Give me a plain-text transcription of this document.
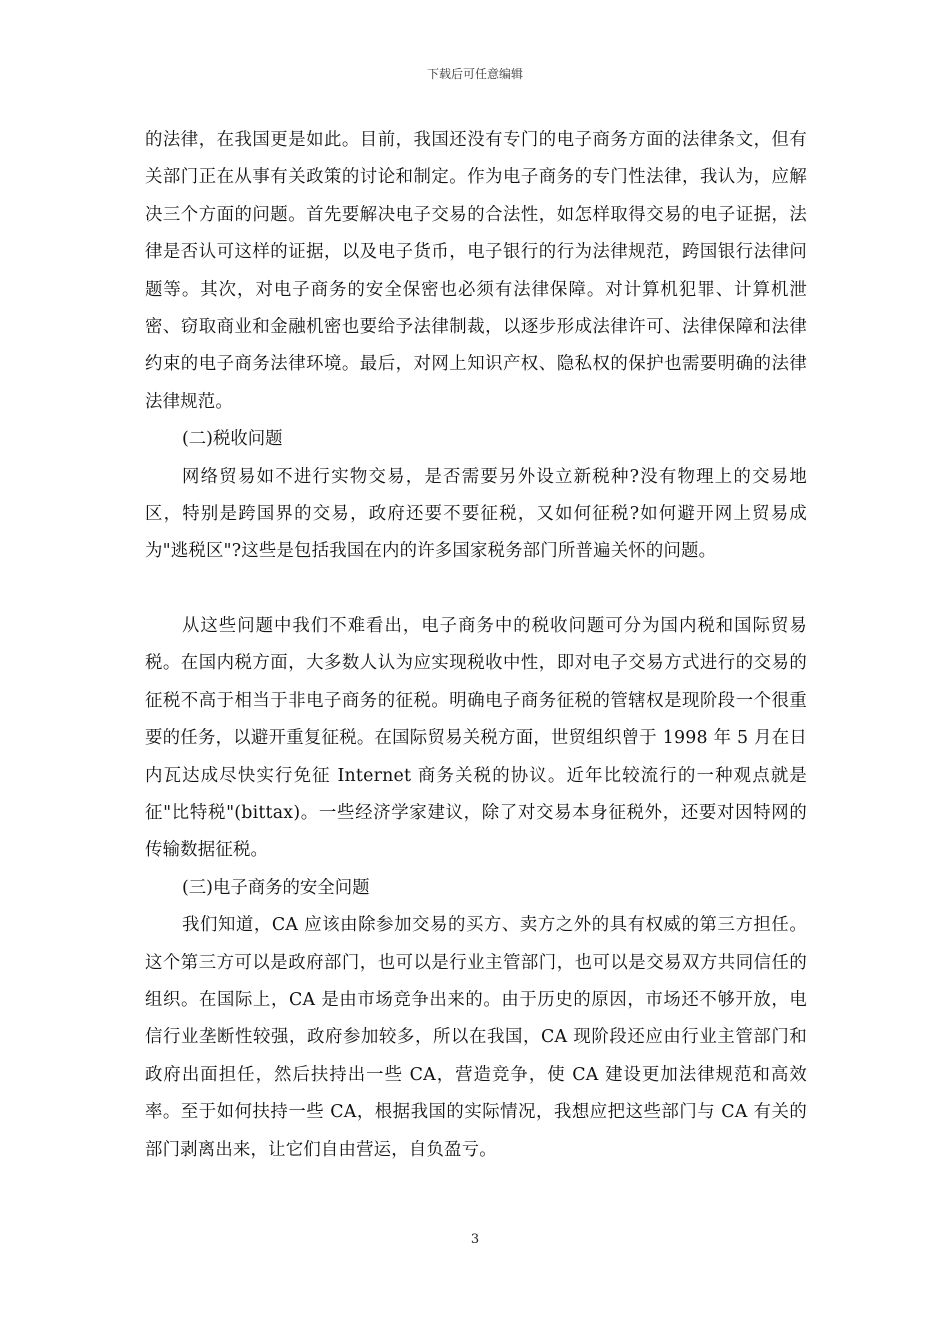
下载后可任意编辑

的法律，在我国更是如此。目前，我国还没有专门的电子商务方面的法律条文，但有关部门正在从事有关政策的讨论和制定。作为电子商务的专门性法律，我认为，应解决三个方面的问题。首先要解决电子交易的合法性，如怎样取得交易的电子证据，法律是否认可这样的证据，以及电子货币，电子银行的行为法律规范，跨国银行法律问题等。其次，对电子商务的安全保密也必须有法律保障。对计算机犯罪、计算机泄密、窃取商业和金融机密也要给予法律制裁，以逐步形成法律许可、法律保障和法律约束的电子商务法律环境。最后，对网上知识产权、隐私权的保护也需要明确的法律法律规范。

(二)税收问题

网络贸易如不进行实物交易，是否需要另外设立新税种?没有物理上的交易地区，特别是跨国界的交易，政府还要不要征税，又如何征税?如何避开网上贸易成为"逃税区"?这些是包括我国在内的许多国家税务部门所普遍关怀的问题。

从这些问题中我们不难看出，电子商务中的税收问题可分为国内税和国际贸易税。在国内税方面，大多数人认为应实现税收中性，即对电子交易方式进行的交易的征税不高于相当于非电子商务的征税。明确电子商务征税的管辖权是现阶段一个很重要的任务，以避开重复征税。在国际贸易关税方面，世贸组织曾于 1998 年 5 月在日内瓦达成尽快实行免征 Internet 商务关税的协议。近年比较流行的一种观点就是征"比特税"(bittax)。一些经济学家建议，除了对交易本身征税外，还要对因特网的传输数据征税。

(三)电子商务的安全问题

我们知道，CA 应该由除参加交易的买方、卖方之外的具有权威的第三方担任。这个第三方可以是政府部门，也可以是行业主管部门，也可以是交易双方共同信任的组织。在国际上，CA 是由市场竞争出来的。由于历史的原因，市场还不够开放，电信行业垄断性较强，政府参加较多，所以在我国，CA 现阶段还应由行业主管部门和政府出面担任，然后扶持出一些 CA，营造竞争，使 CA 建设更加法律规范和高效率。至于如何扶持一些 CA，根据我国的实际情况，我想应把这些部门与 CA 有关的部门剥离出来，让它们自由营运，自负盈亏。

3
